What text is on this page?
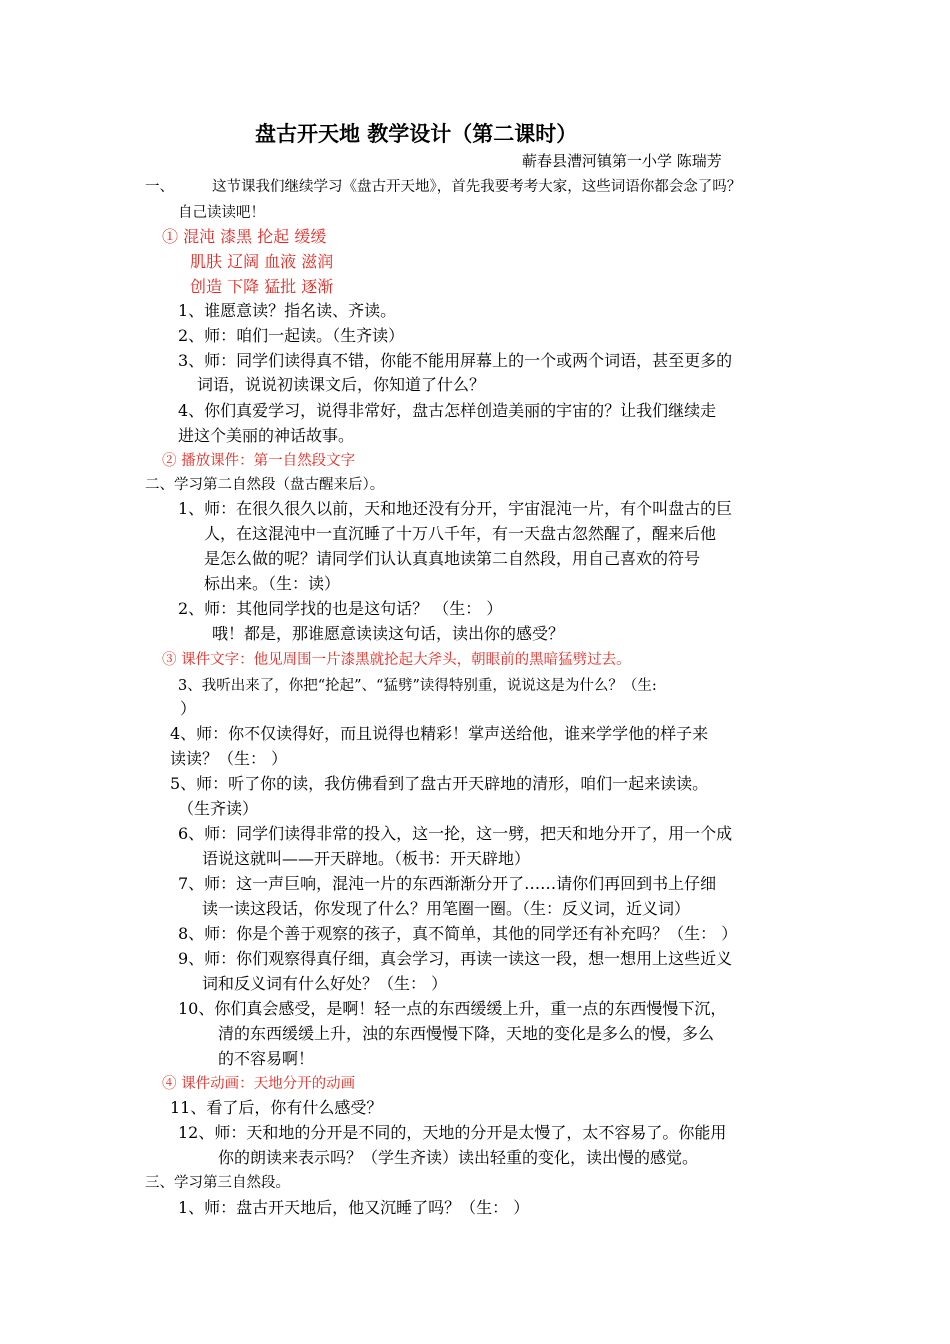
盘古开天地 教学设计（第二课时）
蕲春县漕河镇第一小学 陈瑞芳
一、	这节课我们继续学习《盘古开天地》，首先我要考考大家，这些词语你都会念了吗？
自己读读吧！
① 混沌 漆黑 抡起 缓缓
肌肤 辽阔 血液 滋润
创造 下降 猛批 逐渐
1、谁愿意读？指名读、齐读。
2、师：咱们一起读。（生齐读）
3、师：同学们读得真不错，你能不能用屏幕上的一个或两个词语，甚至更多的
词语，说说初读课文后，你知道了什么？
4、你们真爱学习，说得非常好，盘古怎样创造美丽的宇宙的？让我们继续走
进这个美丽的神话故事。
② 播放课件：第一自然段文字
二、学习第二自然段（盘古醒来后）。
1、师：在很久很久以前，天和地还没有分开，宇宙混沌一片，有个叫盘古的巨
人，在这混沌中一直沉睡了十万八千年，有一天盘古忽然醒了，醒来后他
是怎么做的呢？请同学们认认真真地读第二自然段，用自己喜欢的符号
标出来。（生：读）
2、师：其他同学找的也是这句话？ （生： ）
哦！都是，那谁愿意读读这句话，读出你的感受？
③ 课件文字：他见周围一片漆黑就抡起大斧头，朝眼前的黑暗猛劈过去。
3、我听出来了，你把“抡起”、“猛劈”读得特别重，说说这是为什么？（生:
）
4、师：你不仅读得好，而且说得也精彩！掌声送给他，谁来学学他的样子来
读读？（生： ）
5、师：听了你的读，我仿佛看到了盘古开天辟地的清形，咱们一起来读读。
（生齐读）
6、师：同学们读得非常的投入，这一抡，这一劈，把天和地分开了，用一个成
语说这就叫——开天辟地。（板书：开天辟地）
7、师：这一声巨响，混沌一片的东西渐渐分开了……请你们再回到书上仔细
读一读这段话，你发现了什么？用笔圈一圈。（生：反义词，近义词）
8、师：你是个善于观察的孩子，真不简单，其他的同学还有补充吗？（生： ）
9、师：你们观察得真仔细，真会学习，再读一读这一段，想一想用上这些近义
词和反义词有什么好处？（生： ）
10、你们真会感受，是啊！轻一点的东西缓缓上升，重一点的东西慢慢下沉，
清的东西缓缓上升，浊的东西慢慢下降，天地的变化是多么的慢，多么
的不容易啊！
④ 课件动画：天地分开的动画
11、看了后，你有什么感受？
12、师：天和地的分开是不同的，天地的分开是太慢了，太不容易了。你能用
你的朗读来表示吗？（学生齐读）读出轻重的变化，读出慢的感觉。
三、学习第三自然段。
1、师：盘古开天地后，他又沉睡了吗？（生： ）
